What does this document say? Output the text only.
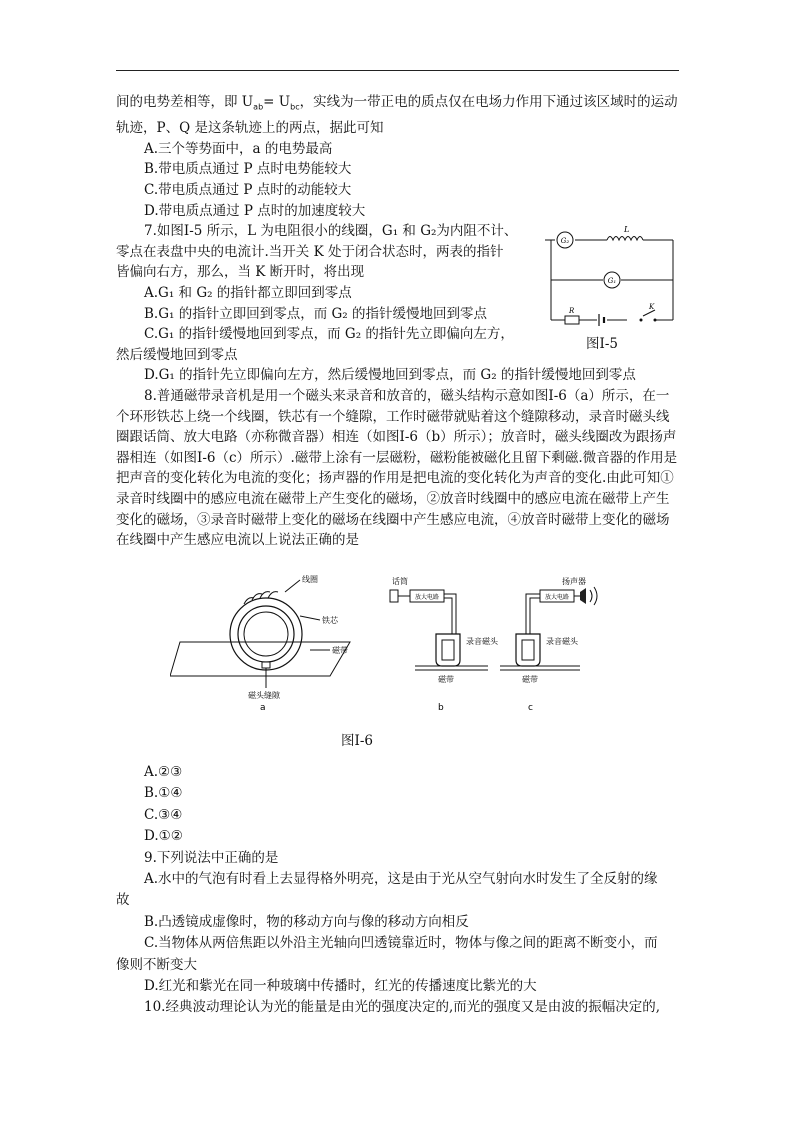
间的电势差相等，即 $U_{ab}= U_{bc}$，实线为一带正电的质点仅在电场力作用下通过该区域时的运动

轨迹，P、Q 是这条轨迹上的两点，据此可知

A.三个等势面中，a 的电势最高

B.带电质点通过 P 点时电势能较大

C.带电质点通过 P 点时的动能较大

D.带电质点通过 P 点时的加速度较大

7.如图Ⅰ-5 所示，L 为电阻很小的线圈，G₁ 和 G₂为内阻不计、

零点在表盘中央的电流计.当开关 K 处于闭合状态时，两表的指针

皆偏向右方，那么，当 K 断开时，将出现

A.G₁ 和 G₂ 的指针都立即回到零点

B.G₁ 的指针立即回到零点，而 G₂ 的指针缓慢地回到零点

C.G₁ 的指针缓慢地回到零点，而 G₂ 的指针先立即偏向左方，

然后缓慢地回到零点

D.G₁ 的指针先立即偏向左方，然后缓慢地回到零点，而 G₂ 的指针缓慢地回到零点

8.普通磁带录音机是用一个磁头来录音和放音的，磁头结构示意如图Ⅰ-6（a）所示，在一个环形铁芯上绕一个线圈，铁芯有一个缝隙，工作时磁带就贴着这个缝隙移动，录音时磁头线圈跟话筒、放大电路（亦称微音器）相连（如图Ⅰ-6（b）所示）；放音时，磁头线圈改为跟扬声器相连（如图Ⅰ-6（c）所示）.磁带上涂有一层磁粉，磁粉能被磁化且留下剩磁.微音器的作用是把声音的变化转化为电流的变化；扬声器的作用是把电流的变化转化为声音的变化.由此可知①录音时线圈中的感应电流在磁带上产生变化的磁场，②放音时线圈中的感应电流在磁带上产生变化的磁场，③录音时磁带上变化的磁场在线圈中产生感应电流，④放音时磁带上变化的磁场在线圈中产生感应电流以上说法正确的是

G₂
G₁
L
R	K
图Ⅰ-5
线圈
铁芯
磁带
磁头缝隙
放大电路
话筒
录音磁头
磁带
放大电路
扬声器
录音磁头
磁带
a	b	c
图Ⅰ-6

A.②③

B.①④

C.③④

D.①②

9.下列说法中正确的是

A.水中的气泡有时看上去显得格外明亮，这是由于光从空气射向水时发生了全反射的缘

故

B.凸透镜成虚像时，物的移动方向与像的移动方向相反

C.当物体从两倍焦距以外沿主光轴向凹透镜靠近时，物体与像之间的距离不断变小，而

像则不断变大

D.红光和紫光在同一种玻璃中传播时，红光的传播速度比紫光的大

10.经典波动理论认为光的能量是由光的强度决定的,而光的强度又是由波的振幅决定的,
